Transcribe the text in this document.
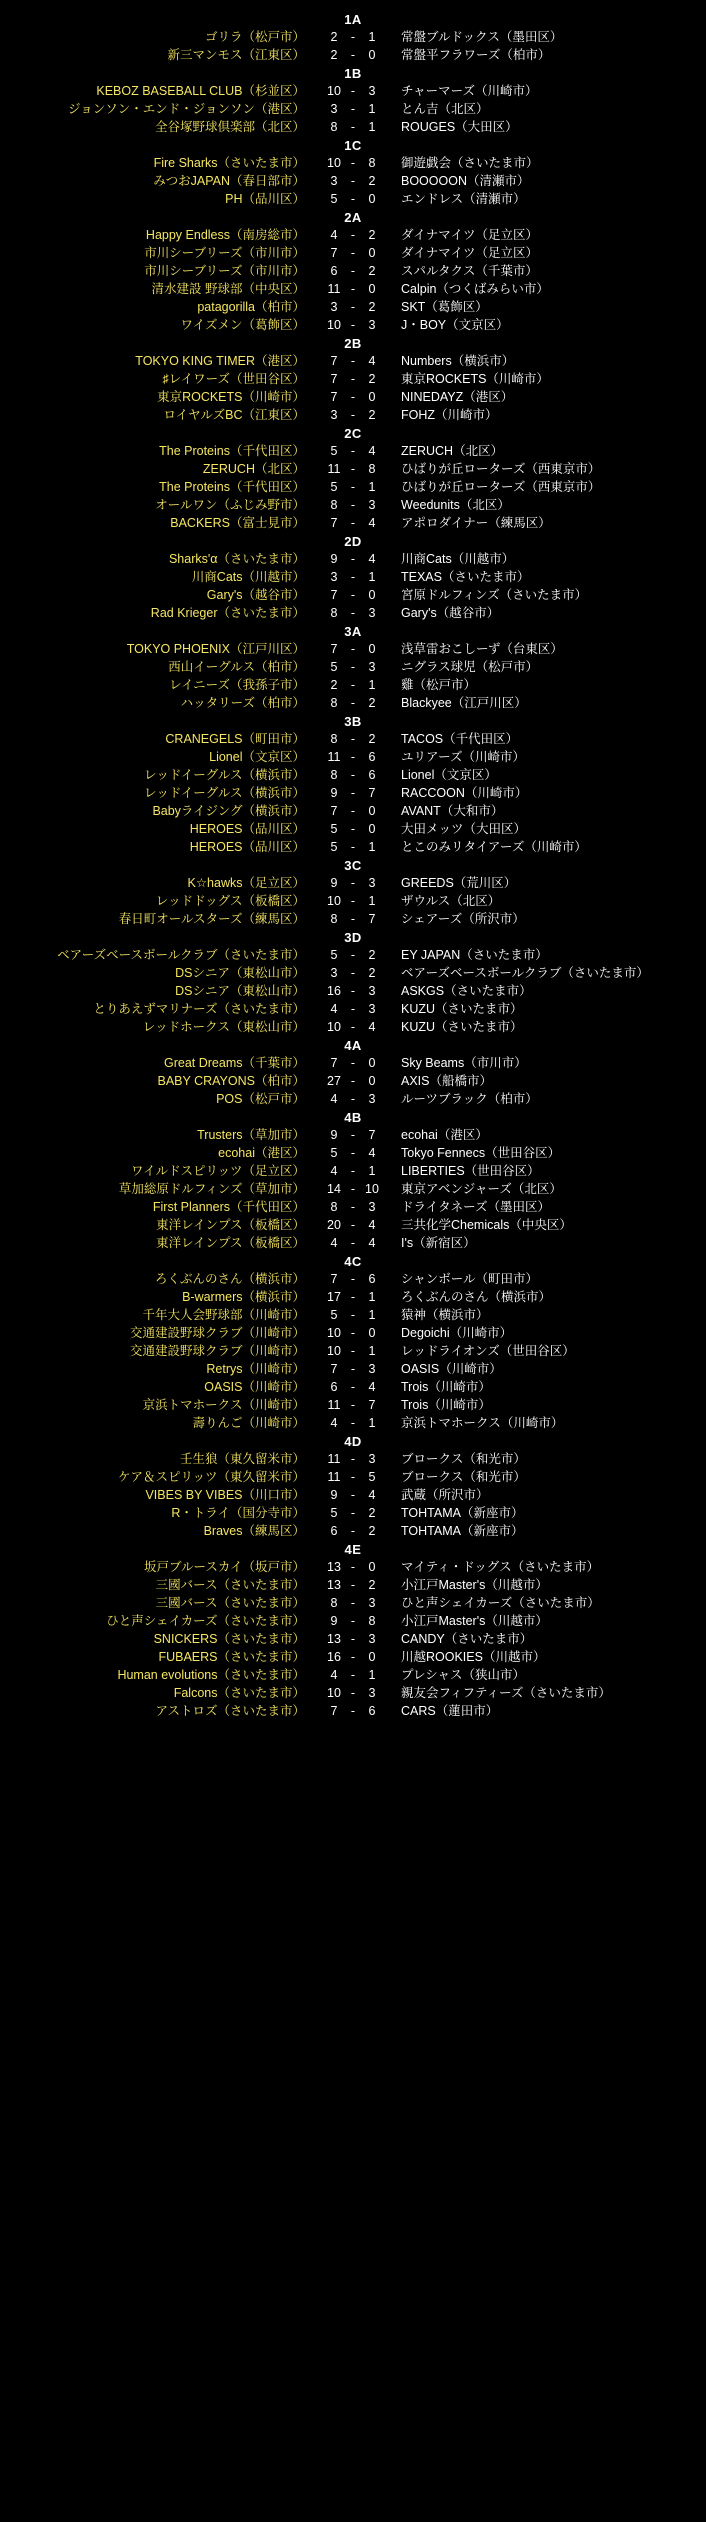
1A
ゴリラ（松戸市）	2 - 1	常盤ブルドックス（墨田区）
新三マンモス（江東区）	2 - 0	常盤平フラワーズ（柏市）
1B
KEBOZ BASEBALL CLUB（杉並区）	10 - 3	チャーマーズ（川崎市）
ジョンソン・エンド・ジョンソン（港区）	3 - 1	とん吉（北区）
全谷塚野球倶楽部（北区）	8 - 1	ROUGES（大田区）
1C
Fire Sharks（さいたま市）	10 - 8	御遊戯会（さいたま市）
みつおJAPAN（春日部市）	3 - 2	BOOOOON（清瀬市）
PH（品川区）	5 - 0	エンドレス（清瀬市）
2A
Happy Endless（南房総市）	4 - 2	ダイナマイツ（足立区）
市川シーブリーズ（市川市）	7 - 0	ダイナマイツ（足立区）
市川シーブリーズ（市川市）	6 - 2	スパルタクス（千葉市）
清水建設 野球部（中央区）	11 - 0	Calpin（つくばみらい市）
patagorilla（柏市）	3 - 2	SKT（葛飾区）
ワイズメン（葛飾区）	10 - 3	J・BOY（文京区）
2B
TOKYO KING TIMER（港区）	7 - 4	Numbers（横浜市）
♯レイワーズ（世田谷区）	7 - 2	東京ROCKETS（川崎市）
東京ROCKETS（川崎市）	7 - 0	NINEDAYZ（港区）
ロイヤルズBC（江東区）	3 - 2	FOHZ（川崎市）
2C
The Proteins（千代田区）	5 - 4	ZERUCH（北区）
ZERUCH（北区）	11 - 8	ひばりが丘ローターズ（西東京市）
The Proteins（千代田区）	5 - 1	ひばりが丘ローターズ（西東京市）
オールワン（ふじみ野市）	8 - 3	Weedunits（北区）
BACKERS（富士見市）	7 - 4	アポロダイナー（練馬区）
2D
Sharks'α（さいたま市）	9 - 4	川商Cats（川越市）
川商Cats（川越市）	3 - 1	TEXAS（さいたま市）
Gary's（越谷市）	7 - 0	宮原ドルフィンズ（さいたま市）
Rad Krieger（さいたま市）	8 - 3	Gary's（越谷市）
3A
TOKYO PHOENIX（江戸川区）	7 - 0	浅草雷おこしーず（台東区）
西山イーグルス（柏市）	5 - 3	ニグラス球児（松戸市）
レイニーズ（我孫子市）	2 - 1	雞（松戸市）
ハッタリーズ（柏市）	8 - 2	Blackyee（江戸川区）
3B
CRANEGELS（町田市）	8 - 2	TACOS（千代田区）
Lionel（文京区）	11 - 6	ユリアーズ（川崎市）
レッドイーグルス（横浜市）	8 - 6	Lionel（文京区）
レッドイーグルス（横浜市）	9 - 7	RACCOON（川崎市）
Babyライジング（横浜市）	7 - 0	AVANT（大和市）
HEROES（品川区）	5 - 0	大田メッツ（大田区）
HEROES（品川区）	5 - 1	とこのみリタイアーズ（川崎市）
3C
K☆hawks（足立区）	9 - 3	GREEDS（荒川区）
レッドドッグス（板橋区）	10 - 1	ザウルス（北区）
春日町オールスターズ（練馬区）	8 - 7	シェアーズ（所沢市）
3D
ベアーズベースボールクラブ（さいたま市）	5 - 2	EY JAPAN（さいたま市）
DSシニア（東松山市）	3 - 2	ベアーズベースボールクラブ（さいたま市）
DSシニア（東松山市）	16 - 3	ASKGS（さいたま市）
とりあえずマリナーズ（さいたま市）	4 - 3	KUZU（さいたま市）
レッドホークス（東松山市）	10 - 4	KUZU（さいたま市）
4A
Great Dreams（千葉市）	7 - 0	Sky Beams（市川市）
BABY CRAYONS（柏市）	27 - 0	AXIS（船橋市）
POS（松戸市）	4 - 3	ルーツブラック（柏市）
4B
Trusters（草加市）	9 - 7	ecohai（港区）
ecohai（港区）	5 - 4	Tokyo Fennecs（世田谷区）
ワイルドスピリッツ（足立区）	4 - 1	LIBERTIES（世田谷区）
草加総原ドルフィンズ（草加市）	14 - 10	東京アベンジャーズ（北区）
First Planners（千代田区）	8 - 3	ドライタネーズ（墨田区）
東洋レインプス（板橋区）	20 - 4	三共化学Chemicals（中央区）
東洋レインプス（板橋区）	4 - 4	I's（新宿区）
4C
ろくぶんのさん（横浜市）	7 - 6	シャンボール（町田市）
B-warmers（横浜市）	17 - 1	ろくぶんのさん（横浜市）
千年大人会野球部（川崎市）	5 - 1	猿神（横浜市）
交通建設野球クラブ（川崎市）	10 - 0	Degoichi（川崎市）
交通建設野球クラブ（川崎市）	10 - 1	レッドライオンズ（世田谷区）
Retrys（川崎市）	7 - 3	OASIS（川崎市）
OASIS（川崎市）	6 - 4	Trois（川崎市）
京浜トマホークス（川崎市）	11 - 7	Trois（川崎市）
壽りんご（川崎市）	4 - 1	京浜トマホークス（川崎市）
4D
壬生狼（東久留米市）	11 - 3	ブロークス（和光市）
ケア＆スピリッツ（東久留米市）	11 - 5	ブロークス（和光市）
VIBES BY VIBES（川口市）	9 - 4	武蔵（所沢市）
R・トライ（国分寺市）	5 - 2	TOHTAMA（新座市）
Braves（練馬区）	6 - 2	TOHTAMA（新座市）
4E
坂戸ブルースカイ（坂戸市）	13 - 0	マイティ・ドッグス（さいたま市）
三國バース（さいたま市）	13 - 2	小江戸Master's（川越市）
三國バース（さいたま市）	8 - 3	ひと声シェイカーズ（さいたま市）
ひと声シェイカーズ（さいたま市）	9 - 8	小江戸Master's（川越市）
SNICKERS（さいたま市）	13 - 3	CANDY（さいたま市）
FUBAERS（さいたま市）	16 - 0	川越ROOKIES（川越市）
Human evolutions（さいたま市）	4 - 1	プレシャス（狭山市）
Falcons（さいたま市）	10 - 3	親友会フィフティーズ（さいたま市）
アストロズ（さいたま市）	7 - 6	CARS（蓮田市）
